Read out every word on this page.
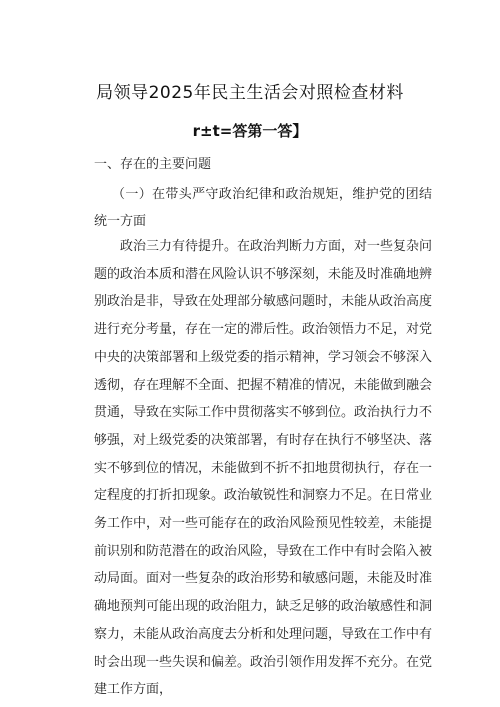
局领导2025年民主生活会对照检查材料
r±t=答第一答】
一、存在的主要问题
（一）在带头严守政治纪律和政治规矩，维护党的团结统一方面
政治三力有待提升。在政治判断力方面，对一些复杂问题的政治本质和潜在风险认识不够深刻，未能及时准确地辨别政治是非，导致在处理部分敏感问题时，未能从政治高度进行充分考量，存在一定的滞后性。政治领悟力不足，对党中央的决策部署和上级党委的指示精神，学习领会不够深入透彻，存在理解不全面、把握不精准的情况，未能做到融会贯通，导致在实际工作中贯彻落实不够到位。政治执行力不够强，对上级党委的决策部署，有时存在执行不够坚决、落实不够到位的情况，未能做到不折不扣地贯彻执行，存在一定程度的打折扣现象。政治敏锐性和洞察力不足。在日常业务工作中，对一些可能存在的政治风险预见性较差，未能提前识别和防范潜在的政治风险，导致在工作中有时会陷入被动局面。面对一些复杂的政治形势和敏感问题，未能及时准确地预判可能出现的政治阻力，缺乏足够的政治敏感性和洞察力，未能从政治高度去分析和处理问题，导致在工作中有时会出现一些失误和偏差。政治引领作用发挥不充分。在党建工作方面，
